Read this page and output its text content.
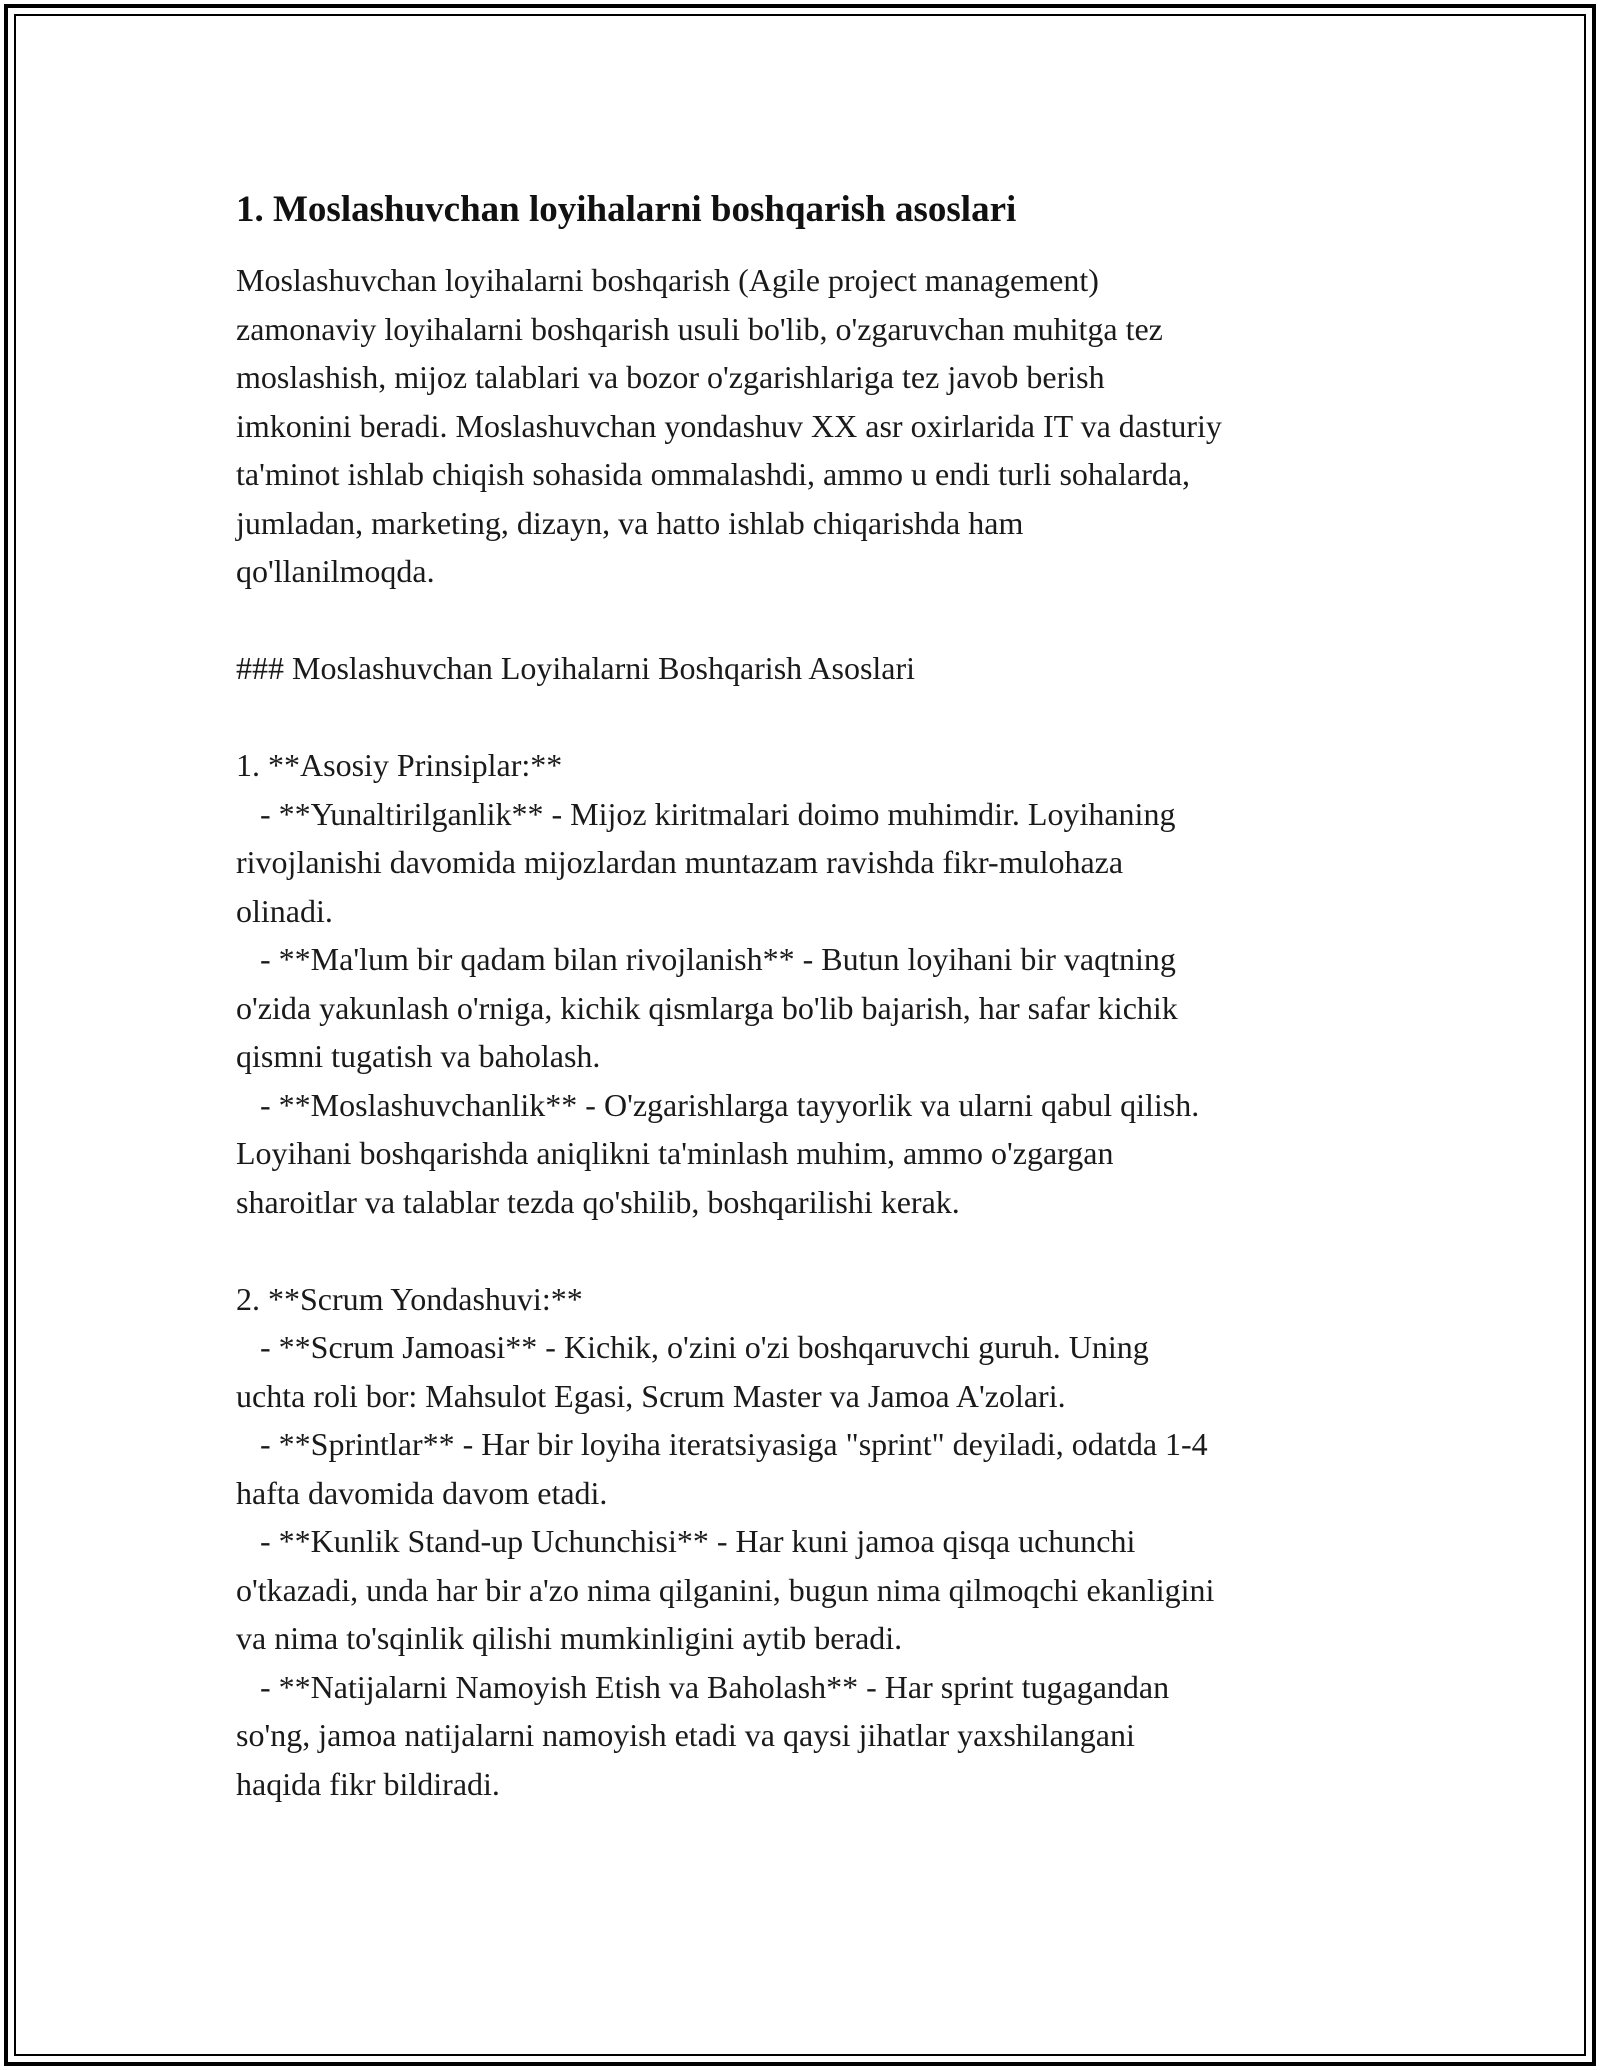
1. Moslashuvchan loyihalarni boshqarish asoslari

Moslashuvchan loyihalarni boshqarish (Agile project management)
zamonaviy loyihalarni boshqarish usuli bo'lib, o'zgaruvchan muhitga tez
moslashish, mijoz talablari va bozor o'zgarishlariga tez javob berish
imkonini beradi. Moslashuvchan yondashuv XX asr oxirlarida IT va dasturiy
ta'minot ishlab chiqish sohasida ommalashdi, ammo u endi turli sohalarda,
jumladan, marketing, dizayn, va hatto ishlab chiqarishda ham
qo'llanilmoqda.

### Moslashuvchan Loyihalarni Boshqarish Asoslari

1. **Asosiy Prinsiplar:**

- **Yunaltirilganlik** - Mijoz kiritmalari doimo muhimdir. Loyihaning
rivojlanishi davomida mijozlardan muntazam ravishda fikr-mulohaza
olinadi.

- **Ma'lum bir qadam bilan rivojlanish** - Butun loyihani bir vaqtning
o'zida yakunlash o'rniga, kichik qismlarga bo'lib bajarish, har safar kichik
qismni tugatish va baholash.

- **Moslashuvchanlik** - O'zgarishlarga tayyorlik va ularni qabul qilish.
Loyihani boshqarishda aniqlikni ta'minlash muhim, ammo o'zgargan
sharoitlar va talablar tezda qo'shilib, boshqarilishi kerak.

2. **Scrum Yondashuvi:**

- **Scrum Jamoasi** - Kichik, o'zini o'zi boshqaruvchi guruh. Uning
uchta roli bor: Mahsulot Egasi, Scrum Master va Jamoa A'zolari.

- **Sprintlar** - Har bir loyiha iteratsiyasiga "sprint" deyiladi, odatda 1-4
hafta davomida davom etadi.

- **Kunlik Stand-up Uchunchisi** - Har kuni jamoa qisqa uchunchi
o'tkazadi, unda har bir a'zo nima qilganini, bugun nima qilmoqchi ekanligini
va nima to'sqinlik qilishi mumkinligini aytib beradi.

- **Natijalarni Namoyish Etish va Baholash** - Har sprint tugagandan
so'ng, jamoa natijalarni namoyish etadi va qaysi jihatlar yaxshilangani
haqida fikr bildiradi.
